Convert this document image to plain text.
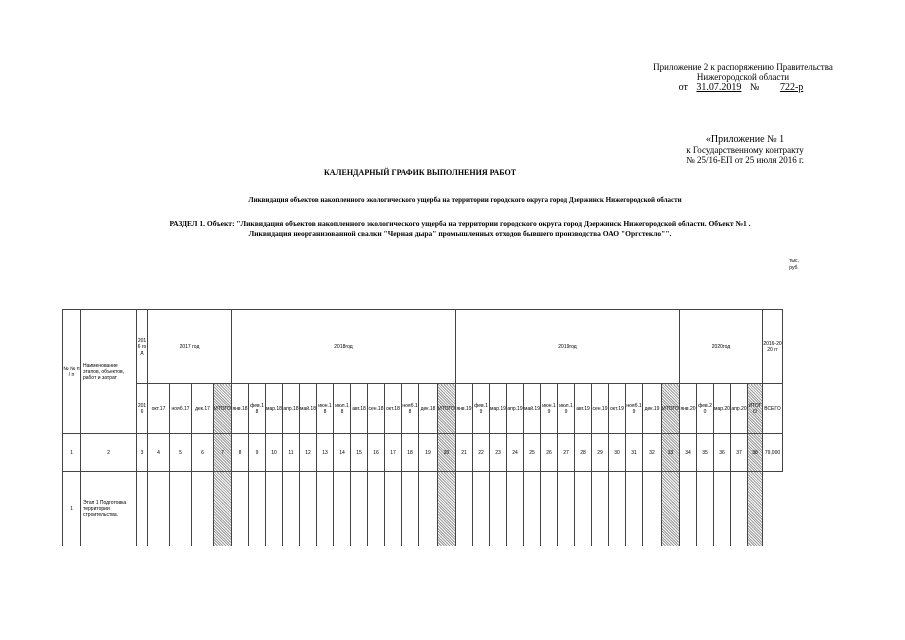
Приложение 2 к распоряжению Правительства
Нижегородской области
от 31.07.2019 № 722-р
«Приложение № 1
к Государственному контракту
№ 25/16-ЕП от 25 июля 2016 г.
КАЛЕНДАРНЫЙ ГРАФИК ВЫПОЛНЕНИЯ РАБОТ
Ликвидация объектов накопленного экологического ущерба на территории городского округа город Дзержинск Нижегородской области
РАЗДЕЛ 1. Объект: "Ликвидация объектов накопленного экологического ущерба на территории городского округа город Дзержинск Нижегородской области. Объект №1 .
Ликвидация неорганизованной свалки "Черная дыра" промышленных отходов бывшего производства ОАО "Оргстекло"".
тыс.руб.
№ № п / п	Наименование этапов, объектов, работ и затрат	2016 год	2017 год				2018год													2019год													2020год					2016-2020 гг
		2016	окт.17	нояб.17	дек.17	ИТОГО	янв.18	фев.18	мар.18	апр.18	май.18	июн.18	июл.18	авг.18	сен.18	окт.18	нояб.18	дек.18	ИТОГО	янв.19	фев.19	мар.19	апр.19	май.19	июн.19	июл.19	авг.19	сен.19	окт.19	нояб.19	дек.19	ИТОГО	янв.20	фев.20	мар.20	апр.20	ИТОГО	ВСЕГО
1	2	3	4	5	6	7	8	9	10	11	12	13	14	15	16	17	18	19	20	21	22	23	24	25	26	27	28	29	30	31	32	33	34	35	36	37	38	79,000
1	Этап 1 Подготовка территории строительства.																																					
